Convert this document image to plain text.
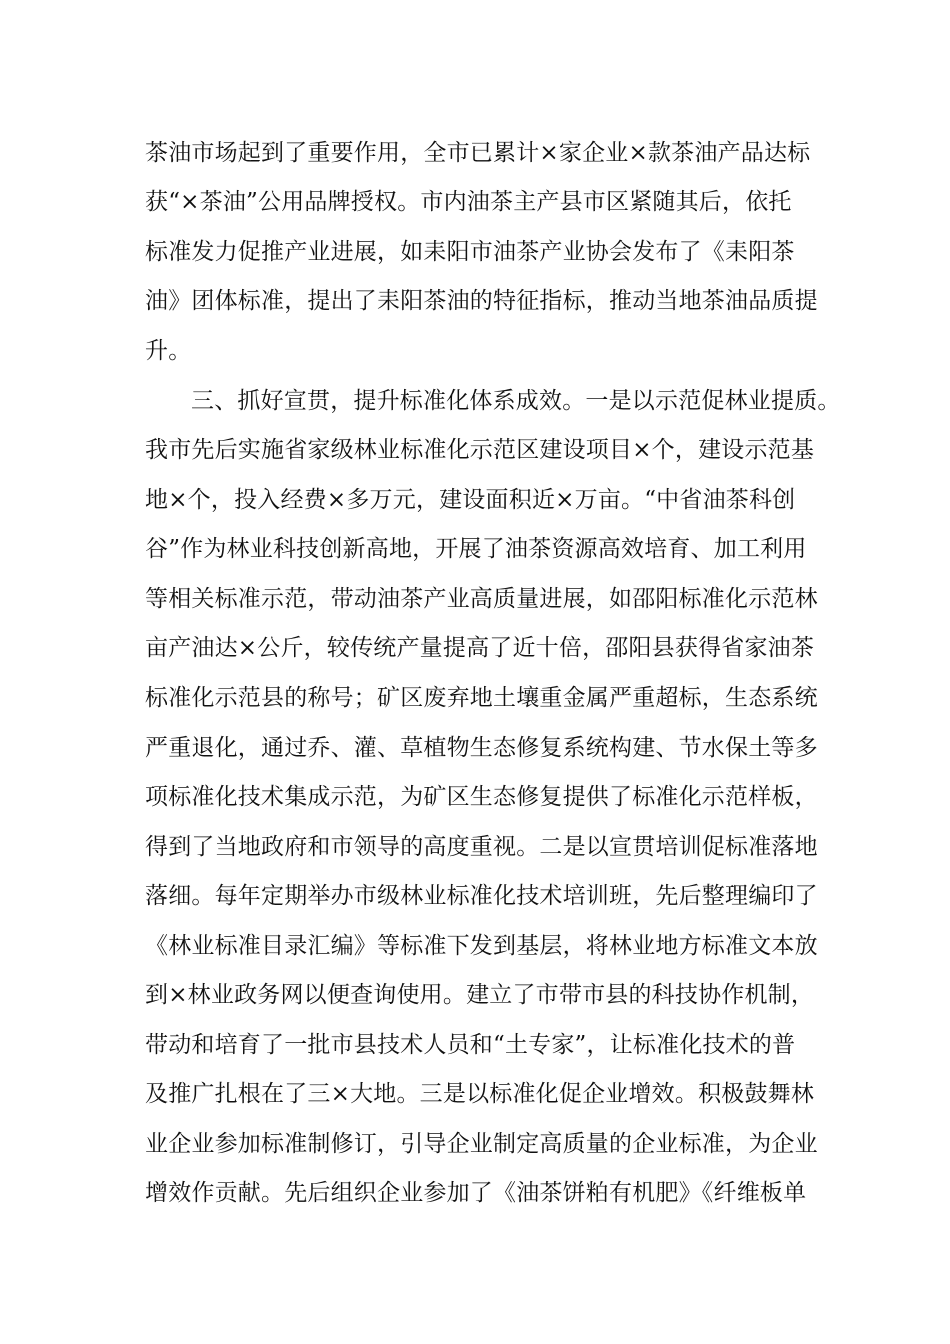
茶油市场起到了重要作用，全市已累计×家企业×款茶油产品达标
获“×茶油”公用品牌授权。市内油茶主产县市区紧随其后，依托
标准发力促推产业进展，如耒阳市油茶产业协会发布了《耒阳茶
油》团体标准，提出了耒阳茶油的特征指标，推动当地茶油品质提
升。
三、抓好宣贯，提升标准化体系成效。一是以示范促林业提质。
我市先后实施省家级林业标准化示范区建设项目×个，建设示范基
地×个，投入经费×多万元，建设面积近×万亩。“中省油茶科创
谷”作为林业科技创新高地，开展了油茶资源高效培育、加工利用
等相关标准示范，带动油茶产业高质量进展，如邵阳标准化示范林
亩产油达×公斤，较传统产量提高了近十倍，邵阳县获得省家油茶
标准化示范县的称号；矿区废弃地土壤重金属严重超标，生态系统
严重退化，通过乔、灌、草植物生态修复系统构建、节水保土等多
项标准化技术集成示范，为矿区生态修复提供了标准化示范样板，
得到了当地政府和市领导的高度重视。二是以宣贯培训促标准落地
落细。每年定期举办市级林业标准化技术培训班，先后整理编印了
《林业标准目录汇编》等标准下发到基层，将林业地方标准文本放
到×林业政务网以便查询使用。建立了市带市县的科技协作机制，
带动和培育了一批市县技术人员和“土专家”，让标准化技术的普
及推广扎根在了三×大地。三是以标准化促企业增效。积极鼓舞林
业企业参加标准制修订，引导企业制定高质量的企业标准，为企业
增效作贡献。先后组织企业参加了《油茶饼粕有机肥》《纤维板单
